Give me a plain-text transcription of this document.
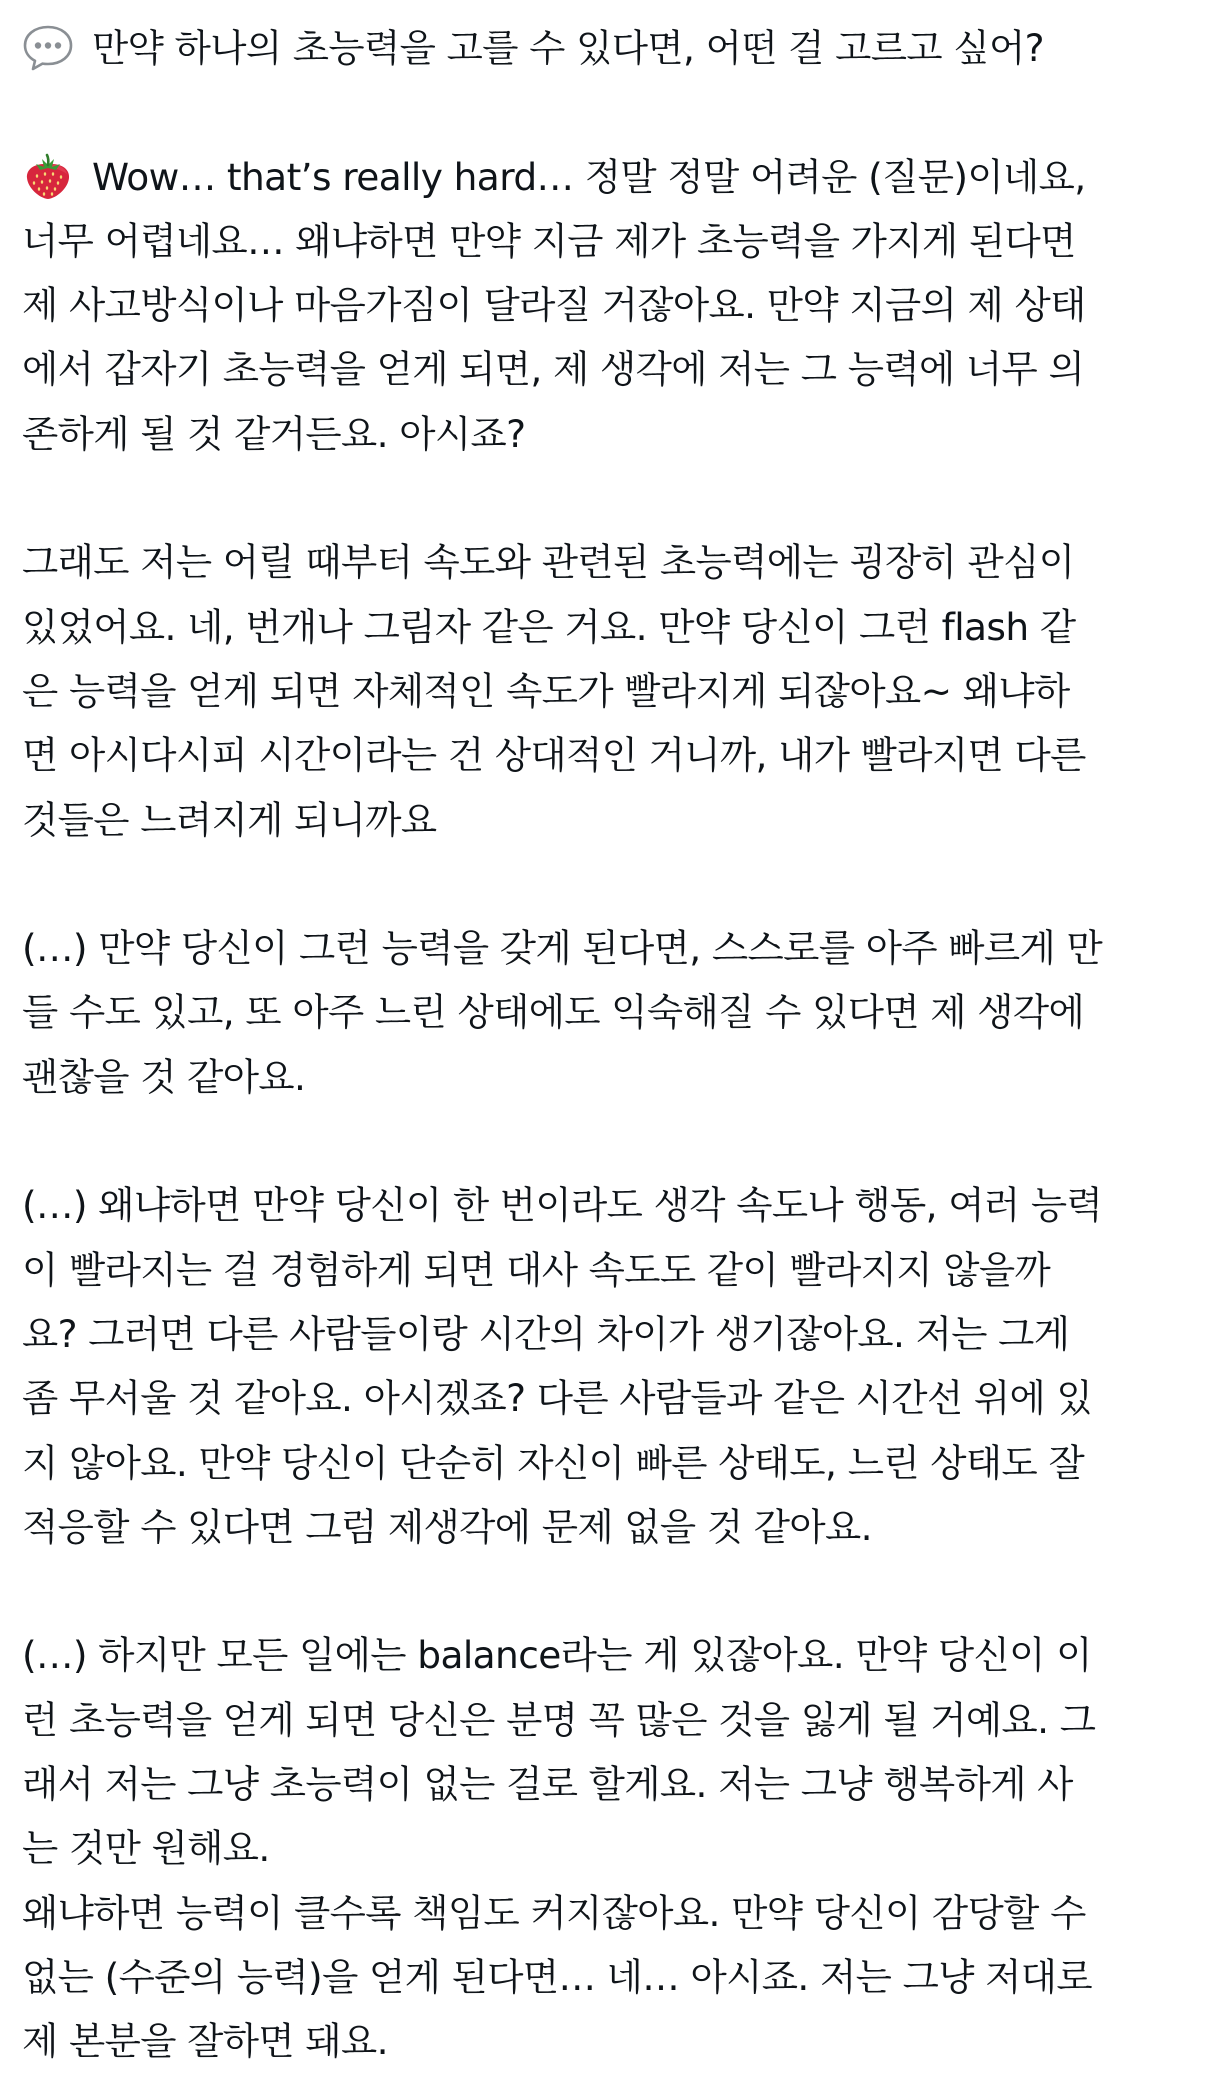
만약 하나의 초능력을 고를 수 있다면, 어떤 걸 고르고 싶어?
Wow… that’s really hard… 정말 정말 어려운 (질문)이네요,
너무 어렵네요… 왜냐하면 만약 지금 제가 초능력을 가지게 된다면
제 사고방식이나 마음가짐이 달라질 거잖아요. 만약 지금의 제 상태
에서 갑자기 초능력을 얻게 되면, 제 생각에 저는 그 능력에 너무 의
존하게 될 것 같거든요. 아시죠?
그래도 저는 어릴 때부터 속도와 관련된 초능력에는 굉장히 관심이
있었어요. 네, 번개나 그림자 같은 거요. 만약 당신이 그런 flash 같
은 능력을 얻게 되면 자체적인 속도가 빨라지게 되잖아요~ 왜냐하
면 아시다시피 시간이라는 건 상대적인 거니까, 내가 빨라지면 다른
것들은 느려지게 되니까요
(…) 만약 당신이 그런 능력을 갖게 된다면, 스스로를 아주 빠르게 만
들 수도 있고, 또 아주 느린 상태에도 익숙해질 수 있다면 제 생각에
괜찮을 것 같아요.
(…) 왜냐하면 만약 당신이 한 번이라도 생각 속도나 행동, 여러 능력
이 빨라지는 걸 경험하게 되면 대사 속도도 같이 빨라지지 않을까
요? 그러면 다른 사람들이랑 시간의 차이가 생기잖아요. 저는 그게
좀 무서울 것 같아요. 아시겠죠? 다른 사람들과 같은 시간선 위에 있
지 않아요. 만약 당신이 단순히 자신이 빠른 상태도, 느린 상태도 잘
적응할 수 있다면 그럼 제생각에 문제 없을 것 같아요.
(…) 하지만 모든 일에는 balance라는 게 있잖아요. 만약 당신이 이
런 초능력을 얻게 되면 당신은 분명 꼭 많은 것을 잃게 될 거예요. 그
래서 저는 그냥 초능력이 없는 걸로 할게요. 저는 그냥 행복하게 사
는 것만 원해요.
왜냐하면 능력이 클수록 책임도 커지잖아요. 만약 당신이 감당할 수
없는 (수준의 능력)을 얻게 된다면… 네… 아시죠. 저는 그냥 저대로
제 본분을 잘하면 돼요.
